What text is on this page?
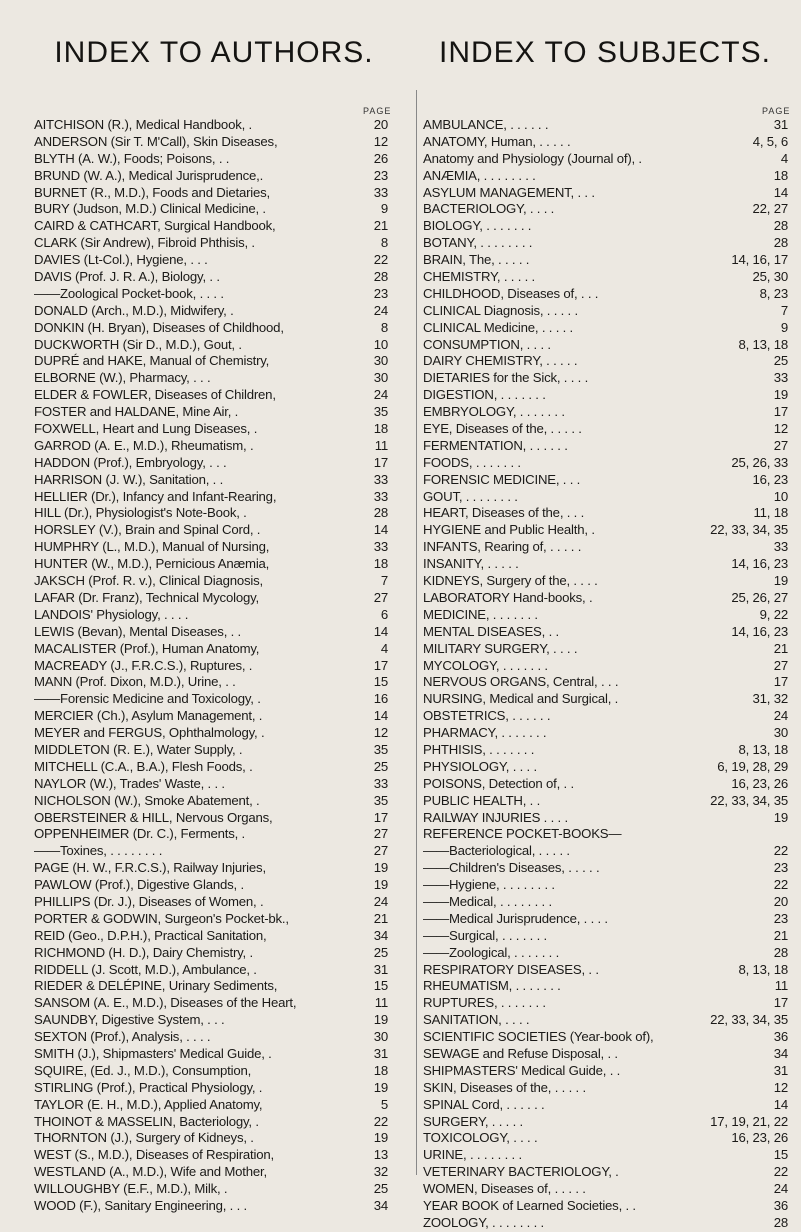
INDEX TO AUTHORS.	INDEX TO SUBJECTS.
PAGE	PAGE
AITCHISON (R.), Medical Handbook, .	20
ANDERSON (Sir T. M'Call), Skin Diseases,	12
BLYTH (A. W.), Foods; Poisons, . .	26
BRUND (W. A.), Medical Jurisprudence,.	23
BURNET (R., M.D.), Foods and Dietaries,	33
BURY (Judson, M.D.) Clinical Medicine, .	9
CAIRD & CATHCART, Surgical Handbook,	21
CLARK (Sir Andrew), Fibroid Phthisis, .	8
DAVIES (Lt-Col.), Hygiene, . . .	22
DAVIS (Prof. J. R. A.), Biology, . .	28
——Zoological Pocket-book, . . . .	23
DONALD (Arch., M.D.), Midwifery, .	24
DONKIN (H. Bryan), Diseases of Childhood,	8
DUCKWORTH (Sir D., M.D.), Gout, .	10
DUPRÉ and HAKE, Manual of Chemistry,	30
ELBORNE (W.), Pharmacy, . . .	30
ELDER & FOWLER, Diseases of Children,	24
FOSTER and HALDANE, Mine Air, .	35
FOXWELL, Heart and Lung Diseases, .	18
GARROD (A. E., M.D.), Rheumatism, .	11
HADDON (Prof.), Embryology, . . .	17
HARRISON (J. W.), Sanitation, . .	33
HELLIER (Dr.), Infancy and Infant-Rearing,	33
HILL (Dr.), Physiologist's Note-Book, .	28
HORSLEY (V.), Brain and Spinal Cord, .	14
HUMPHRY (L., M.D.), Manual of Nursing,	33
HUNTER (W., M.D.), Pernicious Anæmia,	18
JAKSCH (Prof. R. v.), Clinical Diagnosis,	7
LAFAR (Dr. Franz), Technical Mycology,	27
LANDOIS' Physiology, . . . .	6
LEWIS (Bevan), Mental Diseases, . .	14
MACALISTER (Prof.), Human Anatomy,	4
MACREADY (J., F.R.C.S.), Ruptures, .	17
MANN (Prof. Dixon, M.D.), Urine, . .	15
——Forensic Medicine and Toxicology, .	16
MERCIER (Ch.), Asylum Management, .	14
MEYER and FERGUS, Ophthalmology, .	12
MIDDLETON (R. E.), Water Supply, .	35
MITCHELL (C.A., B.A.), Flesh Foods, .	25
NAYLOR (W.), Trades' Waste, . . .	33
NICHOLSON (W.), Smoke Abatement, .	35
OBERSTEINER & HILL, Nervous Organs,	17
OPPENHEIMER (Dr. C.), Ferments, .	27
——Toxines, . . . . . . . .	27
PAGE (H. W., F.R.C.S.), Railway Injuries,	19
PAWLOW (Prof.), Digestive Glands, .	19
PHILLIPS (Dr. J.), Diseases of Women, .	24
PORTER & GODWIN, Surgeon's Pocket-bk.,	21
REID (Geo., D.P.H.), Practical Sanitation,	34
RICHMOND (H. D.), Dairy Chemistry, .	25
RIDDELL (J. Scott, M.D.), Ambulance, .	31
RIEDER & DELÉPINE, Urinary Sediments,	15
SANSOM (A. E., M.D.), Diseases of the Heart,	11
SAUNDBY, Digestive System, . . .	19
SEXTON (Prof.), Analysis, . . . .	30
SMITH (J.), Shipmasters' Medical Guide, .	31
SQUIRE, (Ed. J., M.D.), Consumption,	18
STIRLING (Prof.), Practical Physiology, .	19
TAYLOR (E. H., M.D.), Applied Anatomy,	5
THOINOT & MASSELIN, Bacteriology, .	22
THORNTON (J.), Surgery of Kidneys, .	19
WEST (S., M.D.), Diseases of Respiration,	13
WESTLAND (A., M.D.), Wife and Mother,	32
WILLOUGHBY (E.F., M.D.), Milk, .	25
WOOD (F.), Sanitary Engineering, . . .	34
AMBULANCE, . . . . . .	31
ANATOMY, Human, . . . . .	4, 5, 6
Anatomy and Physiology (Journal of), .	4
ANÆMIA, . . . . . . . .	18
ASYLUM MANAGEMENT, . . .	14
BACTERIOLOGY, . . . .	22, 27
BIOLOGY, . . . . . . .	28
BOTANY, . . . . . . . .	28
BRAIN, The, . . . . .	14, 16, 17
CHEMISTRY, . . . . .	25, 30
CHILDHOOD, Diseases of, . . .	8, 23
CLINICAL Diagnosis, . . . . .	7
CLINICAL Medicine, . . . . .	9
CONSUMPTION, . . . .	8, 13, 18
DAIRY CHEMISTRY, . . . . .	25
DIETARIES for the Sick, . . . .	33
DIGESTION, . . . . . . .	19
EMBRYOLOGY, . . . . . . .	17
EYE, Diseases of the, . . . . .	12
FERMENTATION, . . . . . .	27
FOODS, . . . . . . .	25, 26, 33
FORENSIC MEDICINE, . . .	16, 23
GOUT, . . . . . . . .	10
HEART, Diseases of the, . . .	11, 18
HYGIENE and Public Health, .	22, 33, 34, 35
INFANTS, Rearing of, . . . . .	33
INSANITY, . . . . .	14, 16, 23
KIDNEYS, Surgery of the, . . . .	19
LABORATORY Hand-books, .	25, 26, 27
MEDICINE, . . . . . . .	9, 22
MENTAL DISEASES, . .	14, 16, 23
MILITARY SURGERY, . . . .	21
MYCOLOGY, . . . . . . .	27
NERVOUS ORGANS, Central, . . .	17
NURSING, Medical and Surgical, .	31, 32
OBSTETRICS, . . . . . .	24
PHARMACY, . . . . . . .	30
PHTHISIS, . . . . . . .	8, 13, 18
PHYSIOLOGY, . . . .	6, 19, 28, 29
POISONS, Detection of, . .	16, 23, 26
PUBLIC HEALTH, . .	22, 33, 34, 35
RAILWAY INJURIES . . . .	19
REFERENCE POCKET-BOOKS—
——Bacteriological, . . . . .	22
——Children's Diseases, . . . . .	23
——Hygiene, . . . . . . . .	22
——Medical, . . . . . . . .	20
——Medical Jurisprudence, . . . .	23
——Surgical, . . . . . . .	21
——Zoological, . . . . . . .	28
RESPIRATORY DISEASES, . .	8, 13, 18
RHEUMATISM, . . . . . . .	11
RUPTURES, . . . . . . .	17
SANITATION, . . . .	22, 33, 34, 35
SCIENTIFIC SOCIETIES (Year-book of),	36
SEWAGE and Refuse Disposal, . .	34
SHIPMASTERS' Medical Guide, . .	31
SKIN, Diseases of the, . . . . .	12
SPINAL Cord, . . . . . .	14
SURGERY, . . . . .	17, 19, 21, 22
TOXICOLOGY, . . . .	16, 23, 26
URINE, . . . . . . . .	15
VETERINARY BACTERIOLOGY, .	22
WOMEN, Diseases of, . . . . .	24
YEAR BOOK of Learned Societies, . .	36
ZOOLOGY, . . . . . . . .	28
